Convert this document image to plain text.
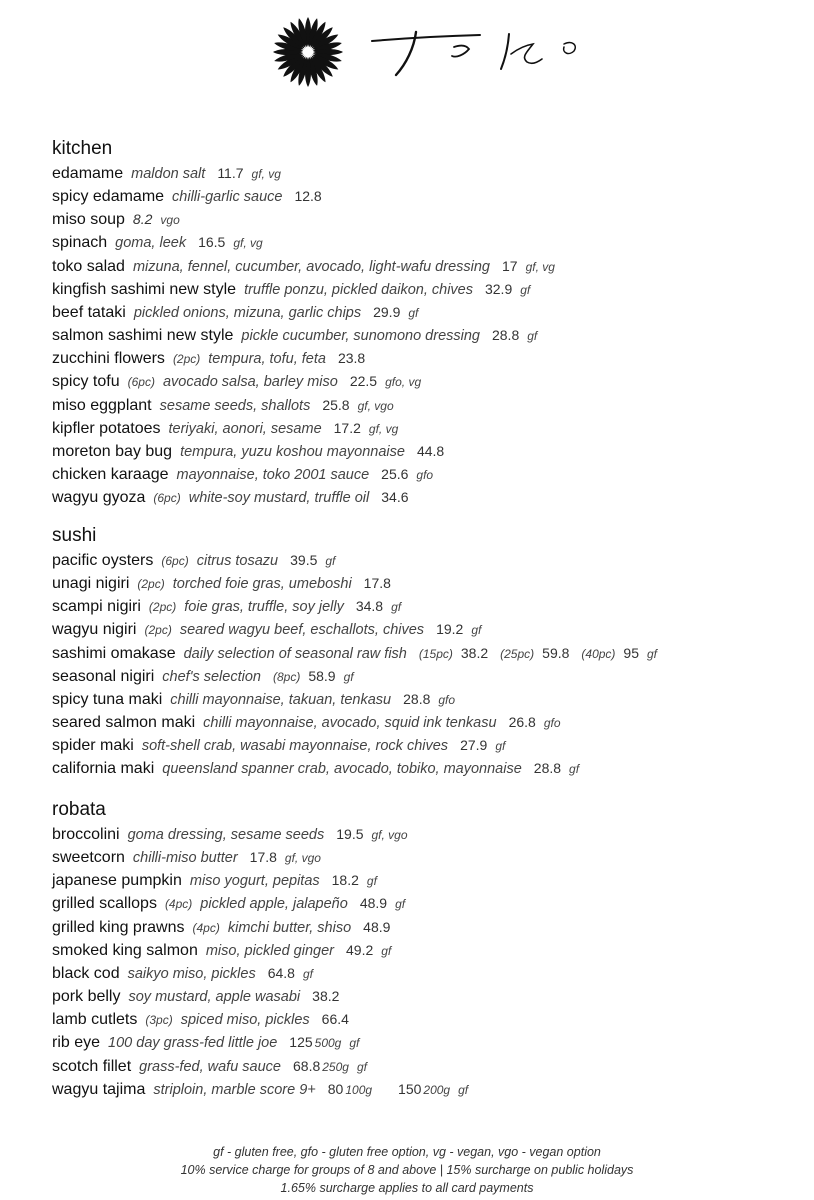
kitchen
edamame maldon salt 11.7 gf, vg
spicy edamame chilli-garlic sauce 12.8
miso soup 8.2 vgo
spinach goma, leek 16.5 gf, vg
toko salad mizuna, fennel, cucumber, avocado, light-wafu dressing 17 gf, vg
kingfish sashimi new style truffle ponzu, pickled daikon, chives 32.9 gf
beef tataki pickled onions, mizuna, garlic chips 29.9 gf
salmon sashimi new style pickle cucumber, sunomono dressing 28.8 gf
zucchini flowers (2pc) tempura, tofu, feta 23.8
spicy tofu (6pc) avocado salsa, barley miso 22.5 gfo, vg
miso eggplant sesame seeds, shallots 25.8 gf, vgo
kipfler potatoes teriyaki, aonori, sesame 17.2 gf, vg
moreton bay bug tempura, yuzu koshou mayonnaise 44.8
chicken karaage mayonnaise, toko 2001 sauce 25.6 gfo
wagyu gyoza (6pc) white-soy mustard, truffle oil 34.6
sushi
pacific oysters (6pc) citrus tosazu 39.5 gf
unagi nigiri (2pc) torched foie gras, umeboshi 17.8
scampi nigiri (2pc) foie gras, truffle, soy jelly 34.8 gf
wagyu nigiri (2pc) seared wagyu beef, eschallots, chives 19.2 gf
sashimi omakase daily selection of seasonal raw fish (15pc) 38.2 (25pc) 59.8 (40pc) 95 gf
seasonal nigiri chef's selection (8pc) 58.9 gf
spicy tuna maki chilli mayonnaise, takuan, tenkasu 28.8 gfo
seared salmon maki chilli mayonnaise, avocado, squid ink tenkasu 26.8 gfo
spider maki soft-shell crab, wasabi mayonnaise, rock chives 27.9 gf
california maki queensland spanner crab, avocado, tobiko, mayonnaise 28.8 gf
robata
broccolini goma dressing, sesame seeds 19.5 gf, vgo
sweetcorn chilli-miso butter 17.8 gf, vgo
japanese pumpkin miso yogurt, pepitas 18.2 gf
grilled scallops (4pc) pickled apple, jalapeño 48.9 gf
grilled king prawns (4pc) kimchi butter, shiso 48.9
smoked king salmon miso, pickled ginger 49.2 gf
black cod saikyo miso, pickles 64.8 gf
pork belly soy mustard, apple wasabi 38.2
lamb cutlets (3pc) spiced miso, pickles 66.4
rib eye 100 day grass-fed little joe 125 500g gf
scotch fillet grass-fed, wafu sauce 68.8 250g gf
wagyu tajima striploin, marble score 9+ 80 100g 150 200g gf
gf - gluten free, gfo - gluten free option, vg - vegan, vgo - vegan option
10% service charge for groups of 8 and above | 15% surcharge on public holidays
1.65% surcharge applies to all card payments
